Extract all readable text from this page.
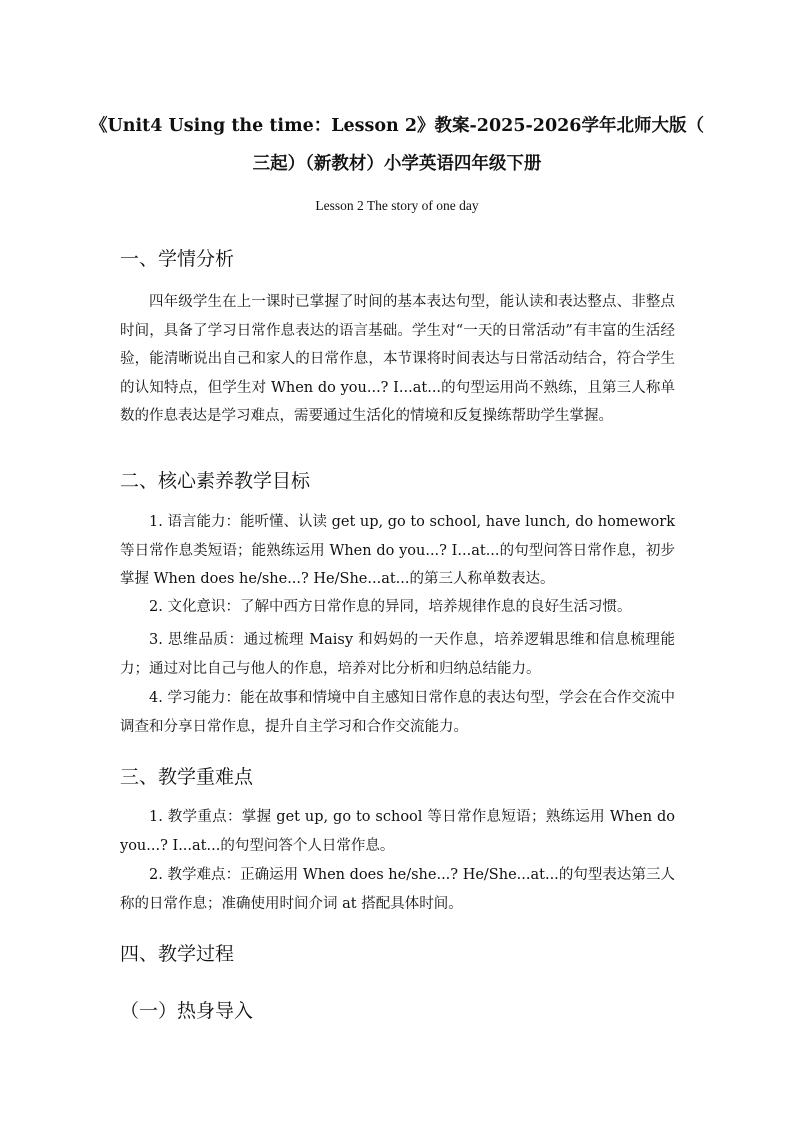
《Unit4 Using the time：Lesson 2》教案-2025-2026学年北师大版（
三起）（新教材）小学英语四年级下册
Lesson 2 The story of one day
一、学情分析

四年级学生在上一课时已掌握了时间的基本表达句型，能认读和表达整点、非整点时间，具备了学习日常作息表达的语言基础。学生对“一天的日常活动”有丰富的生活经验，能清晰说出自己和家人的日常作息，本节课将时间表达与日常活动结合，符合学生的认知特点，但学生对 When do you...? I...at...的句型运用尚不熟练，且第三人称单数的作息表达是学习难点，需要通过生活化的情境和反复操练帮助学生掌握。

二、核心素养教学目标

1. 语言能力：能听懂、认读 get up, go to school, have lunch, do homework 等日常作息类短语；能熟练运用 When do you...? I...at...的句型问答日常作息，初步掌握 When does he/she...? He/She...at...的第三人称单数表达。

2. 文化意识：了解中西方日常作息的异同，培养规律作息的良好生活习惯。

3. 思维品质：通过梳理 Maisy 和妈妈的一天作息，培养逻辑思维和信息梳理能力；通过对比自己与他人的作息，培养对比分析和归纳总结能力。

4. 学习能力：能在故事和情境中自主感知日常作息的表达句型，学会在合作交流中调查和分享日常作息，提升自主学习和合作交流能力。

三、教学重难点

1. 教学重点：掌握 get up, go to school 等日常作息短语；熟练运用 When do you...? I...at...的句型问答个人日常作息。

2. 教学难点：正确运用 When does he/she...? He/She...at...的句型表达第三人称的日常作息；准确使用时间介词 at 搭配具体时间。

四、教学过程
（一）热身导入
